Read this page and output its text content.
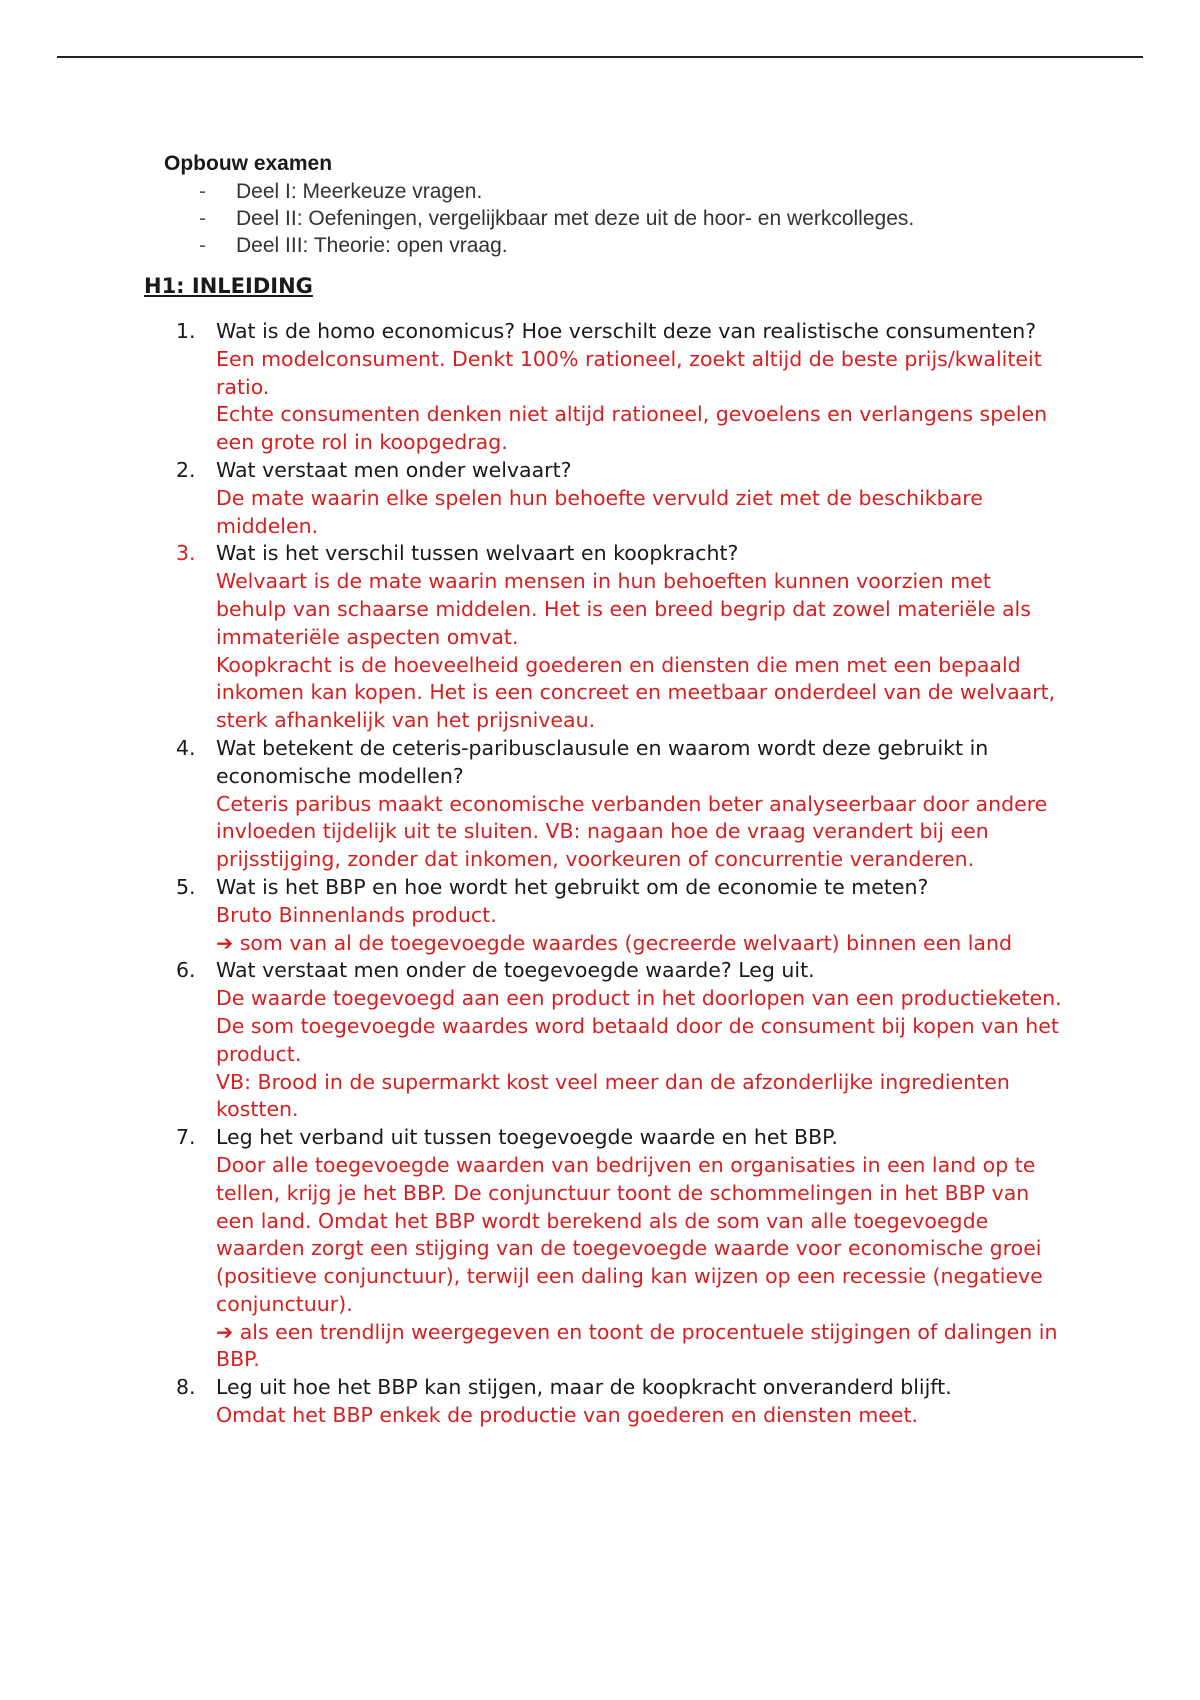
Opbouw examen

-	Deel I: Meerkeuze vragen.
-	Deel II: Oefeningen, vergelijkbaar met deze uit de hoor- en werkcolleges.
-	Deel III: Theorie: open vraag.
H1: INLEIDING
1. Wat is de homo economicus? Hoe verschilt deze van realistische consumenten?

Een modelconsument. Denkt 100% rationeel, zoekt altijd de beste prijs/kwaliteit ratio.

Echte consumenten denken niet altijd rationeel, gevoelens en verlangens spelen een grote rol in koopgedrag.

2. Wat verstaat men onder welvaart?

De mate waarin elke spelen hun behoefte vervuld ziet met de beschikbare middelen.

3. Wat is het verschil tussen welvaart en koopkracht?

Welvaart is de mate waarin mensen in hun behoeften kunnen voorzien met behulp van schaarse middelen. Het is een breed begrip dat zowel materiële als immateriële aspecten omvat.

Koopkracht is de hoeveelheid goederen en diensten die men met een bepaald inkomen kan kopen. Het is een concreet en meetbaar onderdeel van de welvaart, sterk afhankelijk van het prijsniveau.

4. Wat betekent de ceteris-paribusclausule en waarom wordt deze gebruikt in economische modellen?

Ceteris paribus maakt economische verbanden beter analyseerbaar door andere invloeden tijdelijk uit te sluiten. VB: nagaan hoe de vraag verandert bij een prijsstijging, zonder dat inkomen, voorkeuren of concurrentie veranderen.

5. Wat is het BBP en hoe wordt het gebruikt om de economie te meten?

Bruto Binnenlands product.

➔ som van al de toegevoegde waardes (gecreerde welvaart) binnen een land

6. Wat verstaat men onder de toegevoegde waarde? Leg uit.

De waarde toegevoegd aan een product in het doorlopen van een productieketen.

De som toegevoegde waardes word betaald door de consument bij kopen van het product.

VB: Brood in de supermarkt kost veel meer dan de afzonderlijke ingredienten kostten.

7. Leg het verband uit tussen toegevoegde waarde en het BBP.

Door alle toegevoegde waarden van bedrijven en organisaties in een land op te tellen, krijg je het BBP. De conjunctuur toont de schommelingen in het BBP van een land. Omdat het BBP wordt berekend als de som van alle toegevoegde waarden zorgt een stijging van de toegevoegde waarde voor economische groei (positieve conjunctuur), terwijl een daling kan wijzen op een recessie (negatieve conjunctuur).

➔ als een trendlijn weergegeven en toont de procentuele stijgingen of dalingen in BBP.

8. Leg uit hoe het BBP kan stijgen, maar de koopkracht onveranderd blijft.

Omdat het BBP enkek de productie van goederen en diensten meet.
